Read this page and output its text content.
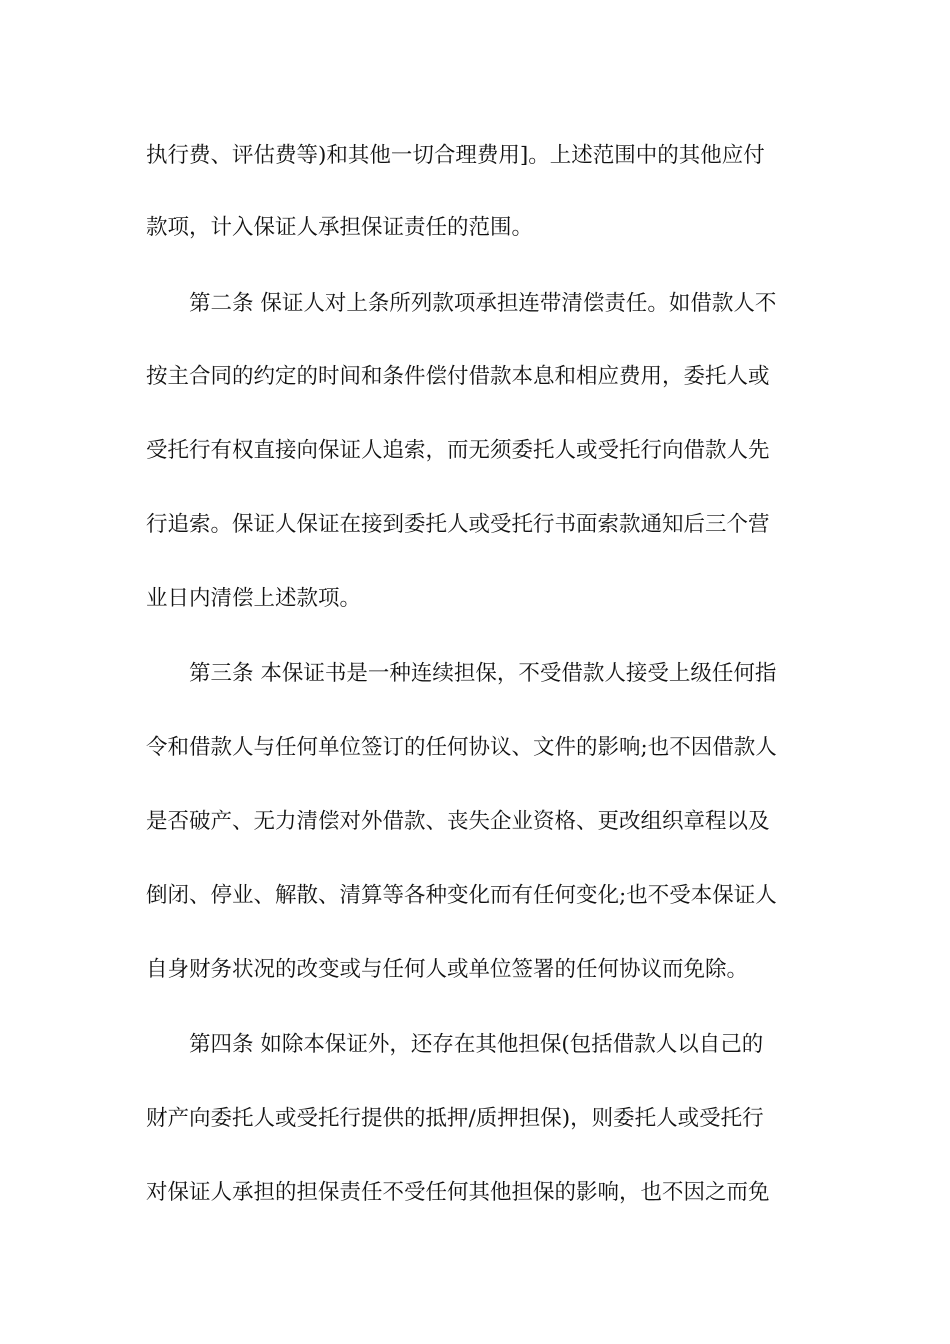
执行费、评估费等)和其他一切合理费用]。上述范围中的其他应付
款项，计入保证人承担保证责任的范围。
第二条 保证人对上条所列款项承担连带清偿责任。如借款人不
按主合同的约定的时间和条件偿付借款本息和相应费用，委托人或
受托行有权直接向保证人追索，而无须委托人或受托行向借款人先
行追索。保证人保证在接到委托人或受托行书面索款通知后三个营
业日内清偿上述款项。
第三条 本保证书是一种连续担保，不受借款人接受上级任何指
令和借款人与任何单位签订的任何协议、文件的影响;也不因借款人
是否破产、无力清偿对外借款、丧失企业资格、更改组织章程以及
倒闭、停业、解散、清算等各种变化而有任何变化;也不受本保证人
自身财务状况的改变或与任何人或单位签署的任何协议而免除。
第四条 如除本保证外，还存在其他担保(包括借款人以自己的
财产向委托人或受托行提供的抵押/质押担保)，则委托人或受托行
对保证人承担的担保责任不受任何其他担保的影响，也不因之而免
